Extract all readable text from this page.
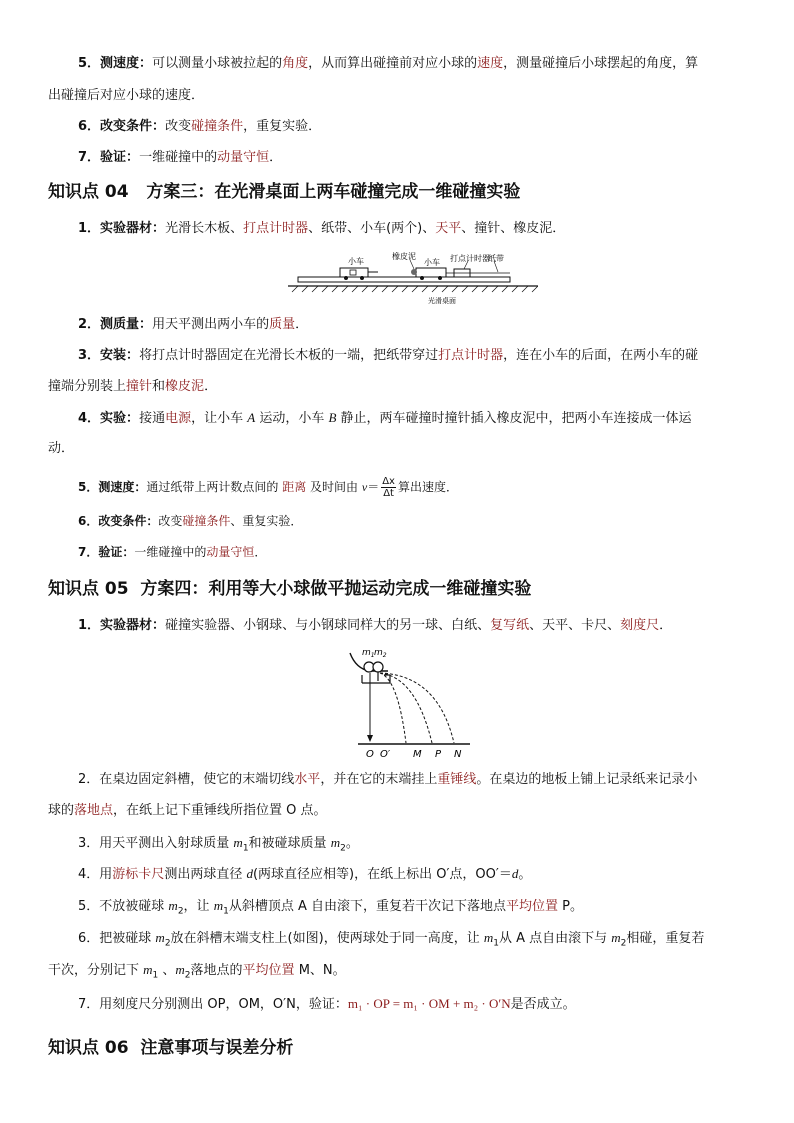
5．测速度：可以测量小球被拉起的角度，从而算出碰撞前对应小球的速度，测量碰撞后小球摆起的角度，算
出碰撞后对应小球的速度．
6．改变条件：改变碰撞条件，重复实验．
7．验证：一维碰撞中的动量守恒．
知识点 04 方案三：在光滑桌面上两车碰撞完成一维碰撞实验
1．实验器材：光滑长木板、打点计时器、纸带、小车(两个)、天平、撞针、橡皮泥．
小车
橡皮泥
小车 打点计时器
纸带
光滑桌面
2．测质量：用天平测出两小车的质量．
3．安装：将打点计时器固定在光滑长木板的一端，把纸带穿过打点计时器，连在小车的后面，在两小车的碰
撞端分别装上撞针和橡皮泥．
4．实验：接通电源，让小车 A 运动，小车 B 静止，两车碰撞时撞针插入橡皮泥中，把两小车连接成一体运
动．
5．测速度：通过纸带上两计数点间的 距离 及时间由 $v= \frac{\Delta x}{\Delta t}$ 算出速度．
6．改变条件：改变碰撞条件、重复实验．
7．验证：一维碰撞中的动量守恒．
知识点 05 方案四：利用等大小球做平抛运动完成一维碰撞实验
1．实验器材：碰撞实验器、小钢球、与小钢球同样大的另一球、白纸、复写纸、天平、卡尺、刻度尺．
$m_1$ $m_2$
O O′ M P N
2．在桌边固定斜槽，使它的末端切线水平，并在它的末端挂上重锤线。在桌边的地板上铺上记录纸来记录小
球的落地点，在纸上记下重锤线所指位置 O 点。
3．用天平测出入射球质量 $m_1$和被碰球质量 $m_2$。
4．用游标卡尺测出两球直径 d(两球直径应相等)，在纸上标出 O′点，OO′＝d。
5．不放被碰球 $m_2$，让 $m_1$从斜槽顶点 A 自由滚下，重复若干次记下落地点平均位置 P。
6．把被碰球 $m_2$放在斜槽末端支柱上(如图)，使两球处于同一高度，让 $m_1$从 A 点自由滚下与 $m_2$相碰，重复若
干次，分别记下 $m_1$ 、$m_2$落地点的平均位置 M、N。
7．用刻度尺分别测出 OP，OM，O′N，验证：m₁ · OP = m₁ · OM + m₂ · O′N是否成立。
知识点 06 注意事项与误差分析
